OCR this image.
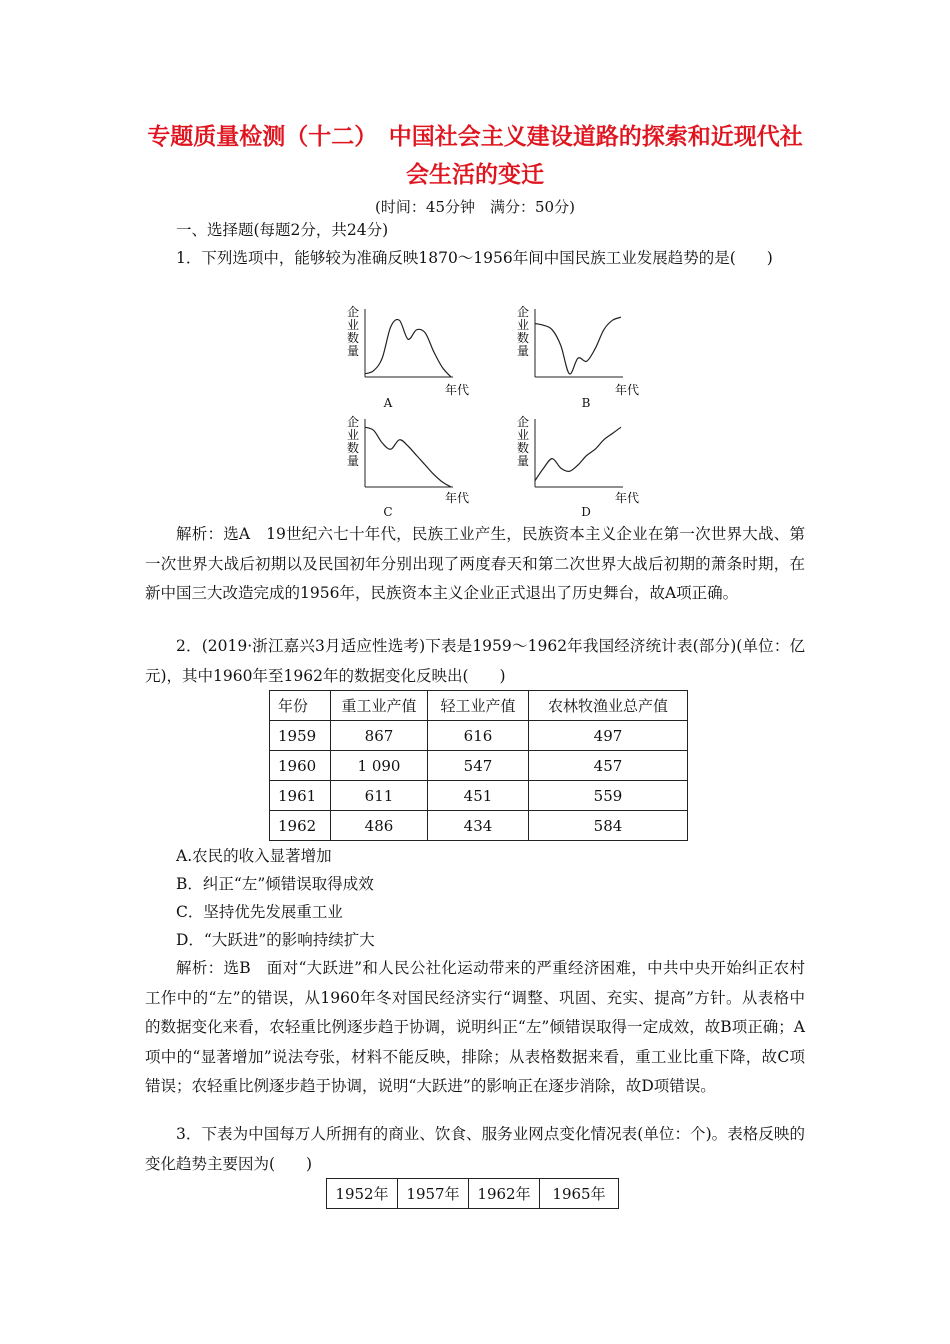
专题质量检测（十二）　中国社会主义建设道路的探索和近现代社
会生活的变迁
(时间：45分钟　满分：50分)
一、选择题(每题2分，共24分)

1．下列选项中，能够较为准确反映1870～1956年间中国民族工业发展趋势的是(　　)

企
业
数
量
年代
A
企
业
数
量
年代
B
企
业
数
量
年代
C
企
业
数
量
年代
D

解析：选A　19世纪六七十年代，民族工业产生，民族资本主义企业在第一次世界大战、第一次世界大战后初期以及民国初年分别出现了两度春天和第二次世界大战后初期的萧条时期，在新中国三大改造完成的1956年，民族资本主义企业正式退出了历史舞台，故A项正确。

2．(2019·浙江嘉兴3月适应性选考)下表是1959～1962年我国经济统计表(部分)(单位：亿元)，其中1960年至1962年的数据变化反映出(　　)

年份	重工业产值	轻工业产值	农林牧渔业总产值
1959	867	616	497
1960	1 090	547	457
1961	611	451	559
1962	486	434	584
A.农民的收入显著增加
B．纠正“左”倾错误取得成效
C．坚持优先发展重工业
D．“大跃进”的影响持续扩大

解析：选B　面对“大跃进”和人民公社化运动带来的严重经济困难，中共中央开始纠正农村工作中的“左”的错误，从1960年冬对国民经济实行“调整、巩固、充实、提高”方针。从表格中的数据变化来看，农轻重比例逐步趋于协调，说明纠正“左”倾错误取得一定成效，故B项正确；A项中的“显著增加”说法夸张，材料不能反映，排除；从表格数据来看，重工业比重下降，故C项错误；农轻重比例逐步趋于协调，说明“大跃进”的影响正在逐步消除，故D项错误。

3．下表为中国每万人所拥有的商业、饮食、服务业网点变化情况表(单位：个)。表格反映的变化趋势主要因为(　　)

1952年	1957年	1962年	1965年
